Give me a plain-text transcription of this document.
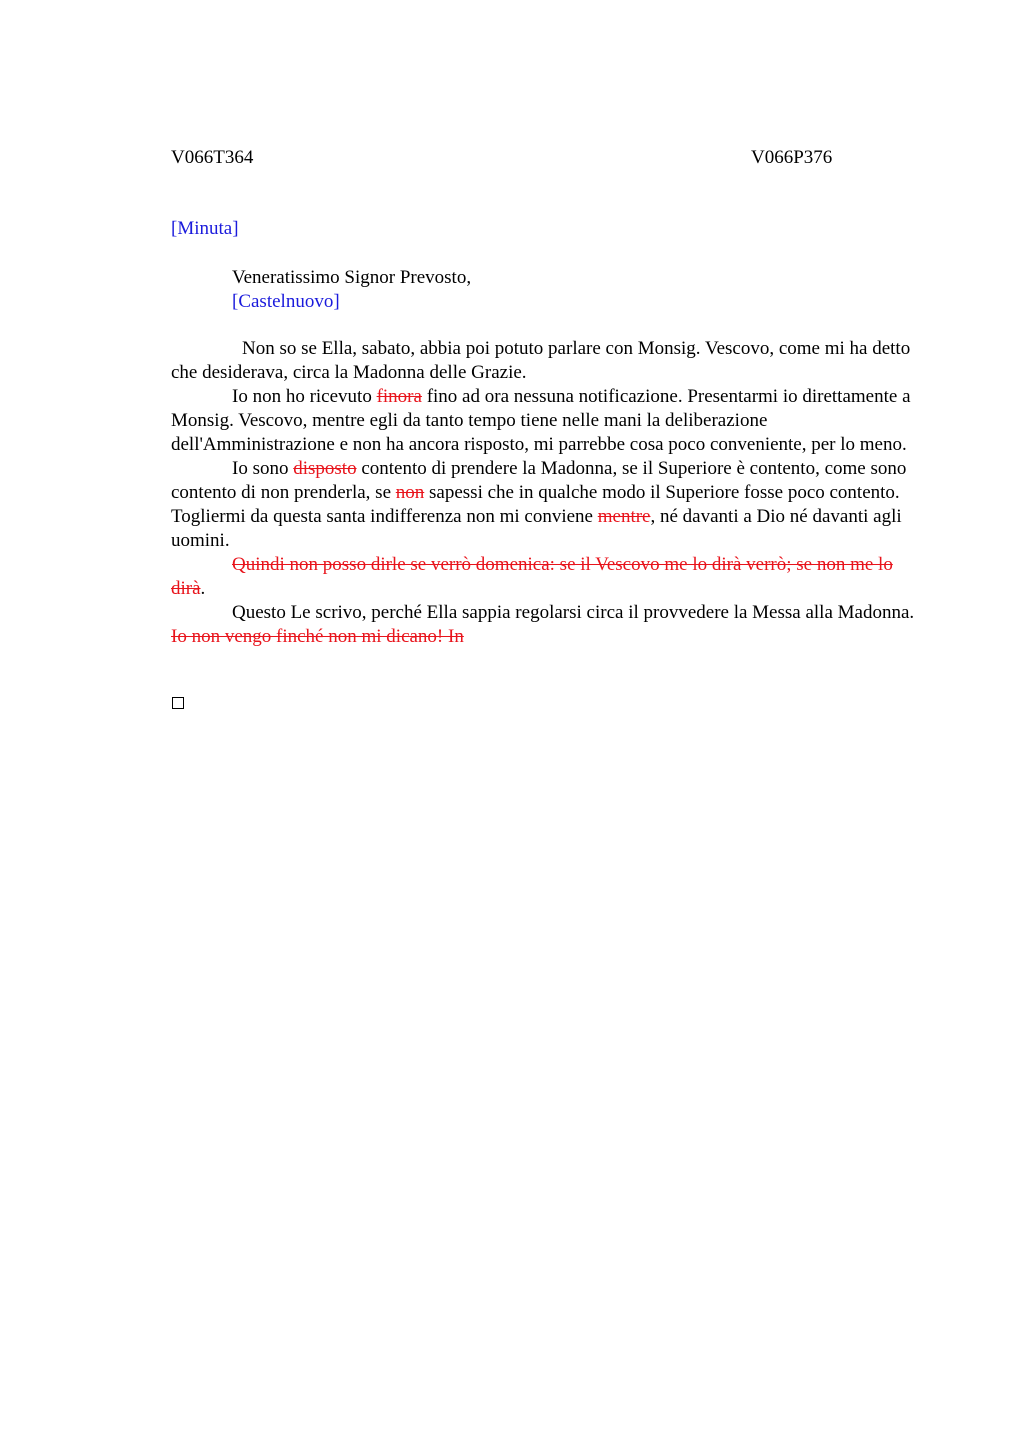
V066T364	V066P376
[Minuta]
Veneratissimo Signor Prevosto,
[Castelnuovo]

Non so se Ella, sabato, abbia poi potuto parlare con Monsig. Vescovo, come mi ha detto che desiderava, circa la Madonna delle Grazie.

Io non ho ricevuto finora fino ad ora nessuna notificazione. Presentarmi io direttamente a Monsig. Vescovo, mentre egli da tanto tempo tiene nelle mani la deliberazione dell'Amministrazione e non ha ancora risposto, mi parrebbe cosa poco conveniente, per lo meno.

Io sono disposto contento di prendere la Madonna, se il Superiore è contento, come sono contento di non prenderla, se non sapessi che in qualche modo il Superiore fosse poco contento. Togliermi da questa santa indifferenza non mi conviene mentre, né davanti a Dio né davanti agli uomini.

Quindi non posso dirle se verrò domenica: se il Vescovo me lo dirà verrò; se non me lo dirà.

Questo Le scrivo, perché Ella sappia regolarsi circa il provvedere la Messa alla Madonna. Io non vengo finché non mi dicano! In
